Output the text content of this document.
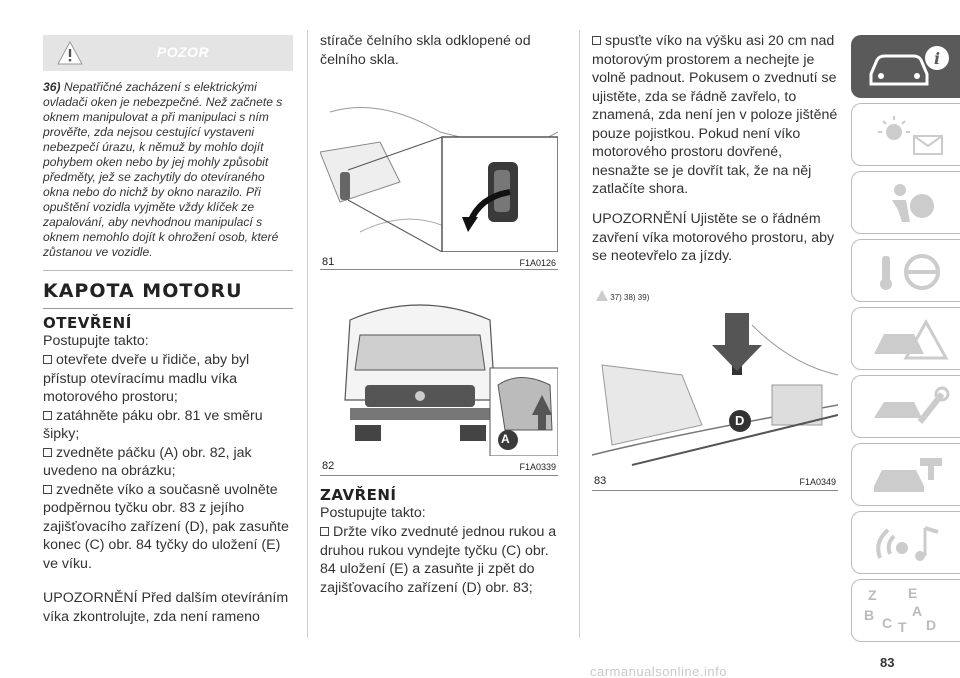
POZOR
36) Nepatřičné zacházení s elektrickými ovladači oken je nebezpečné. Než začnete s oknem manipulovat a při manipulaci s ním prověřte, zda nejsou cestující vystaveni nebezpečí úrazu, k němuž by mohlo dojít pohybem oken nebo by jej mohly způsobit předměty, jež se zachytily do otevíraného okna nebo do nichž by okno narazilo. Při opuštění vozidla vyjměte vždy klíček ze zapalování, aby nevhodnou manipulací s oknem nemohlo dojít k ohrožení osob, které zůstanou ve vozidle.
KAPOTA MOTORU
OTEVŘENÍ
Postupujte takto:
otevřete dveře u řidiče, aby byl přístup otevíracímu madlu víka motorového prostoru;
zatáhněte páku obr. 81 ve směru šipky;
zvedněte páčku (A) obr. 82, jak uvedeno na obrázku;
zvedněte víko a současně uvolněte podpěrnou tyčku obr. 83 z jejího zajišťovacího zařízení (D), pak zasuňte konec (C) obr. 84 tyčky do uložení (E) ve víku.
UPOZORNĚNÍ Před dalším otevíráním víka zkontrolujte, zda není rameno
stírače čelního skla odklopené od čelního skla.
81	F1A0126
A
82	F1A0339
ZAVŘENÍ
Postupujte takto:
Držte víko zvednuté jednou rukou a druhou rukou vyndejte tyčku (C) obr. 84 uložení (E) a zasuňte ji zpět do zajišťovacího zařízení (D) obr. 83;
spusťte víko na výšku asi 20 cm nad motorovým prostorem a nechejte je volně padnout. Pokusem o zvednutí se ujistěte, zda se řádně zavřelo, to znamená, zda není jen v poloze jištěné pouze pojistkou. Pokud není víko motorového prostoru dovřené, nesnažte se je dovřít tak, že na něj zatlačíte shora.
UPOZORNĚNÍ Ujistěte se o řádném zavření víka motorového prostoru, aby se neotevřelo za jízdy.
37) 38) 39)
D
83	F1A0349
i
Z E
A
B C T D
83
carmanualsonline.info
